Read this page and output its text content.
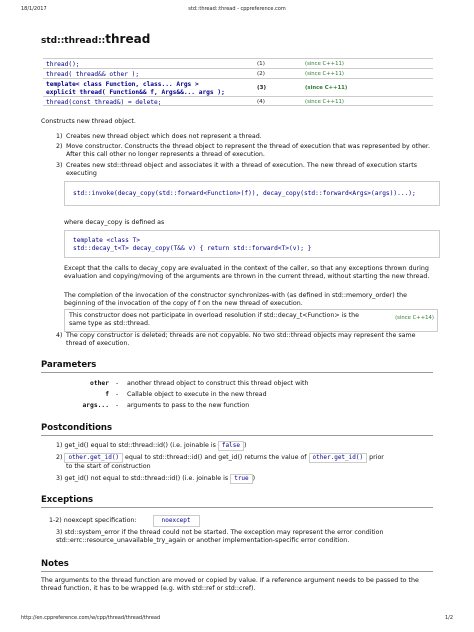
18/1/2017	std::thread::thread - cppreference.com
std::thread::thread
thread();	(1)	(since C++11)
thread( thread&& other );	(2)	(since C++11)
template< class Function, class... Args >
explicit thread( Function&& f, Args&&... args );
(3)	(since C++11)
thread(const thread&) = delete;	(4)	(since C++11)
Constructs new thread object.
1) Creates new thread object which does not represent a thread.
2) Move constructor. Constructs the thread object to represent the thread of execution that was represented by other. After this call other no longer represents a thread of execution.
3) Creates new std::thread object and associates it with a thread of execution. The new thread of execution starts executing
std::invoke(decay_copy(std::forward<Function>(f)), decay_copy(std::forward<Args>(args))...);
where decay_copy is defined as
template <class T>
std::decay_t<T> decay_copy(T&& v) { return std::forward<T>(v); }
Except that the calls to decay_copy are evaluated in the context of the caller, so that any exceptions thrown during evaluation and copying/moving of the arguments are thrown in the current thread, without starting the new thread.
The completion of the invocation of the constructor synchronizes-with (as defined in std::memory_order) the beginning of the invocation of the copy of f on the new thread of execution.
This constructor does not participate in overload resolution if std::decay_t<Function> is the same type as std::thread.
(since C++14)
4) The copy constructor is deleted; threads are not copyable. No two std::thread objects may represent the same thread of execution.
Parameters
other - another thread object to construct this thread object with
f - Callable object to execute in the new thread
args... - arguments to pass to the new function
Postconditions
1) get_id() equal to std::thread::id() (i.e. joinable is false )
2) other.get_id() equal to std::thread::id() and get_id() returns the value of other.get_id() prior
to the start of construction
3) get_id() not equal to std::thread::id() (i.e. joinable is true )
Exceptions
1-2) noexcept specification:	noexcept
3) std::system_error if the thread could not be started. The exception may represent the error condition std::errc::resource_unavailable_try_again or another implementation-specific error condition.
Notes
The arguments to the thread function are moved or copied by value. If a reference argument needs to be passed to the thread function, it has to be wrapped (e.g. with std::ref or std::cref).
http://en.cppreference.com/w/cpp/thread/thread/thread	1/2
